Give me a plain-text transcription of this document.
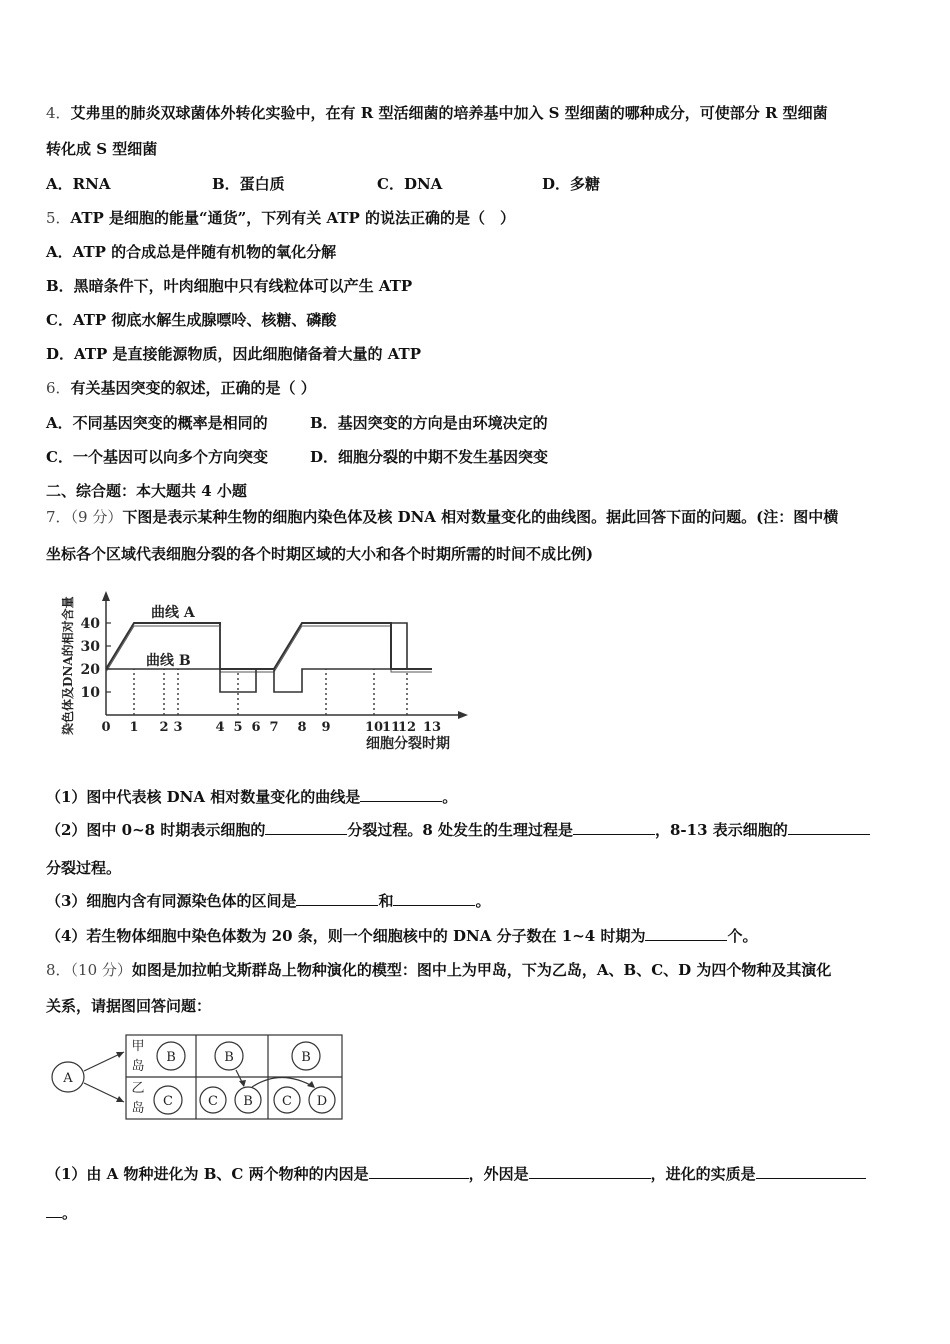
4．艾弗里的肺炎双球菌体外转化实验中，在有 R 型活细菌的培养基中加入 S 型细菌的哪种成分，可使部分 R 型细菌
转化成 S 型细菌
A．RNA	B．蛋白质	C．DNA	D．多糖
5．ATP 是细胞的能量“通货”，下列有关 ATP 的说法正确的是（　）
A．ATP 的合成总是伴随有机物的氧化分解
B．黑暗条件下，叶肉细胞中只有线粒体可以产生 ATP
C．ATP 彻底水解生成腺嘌呤、核糖、磷酸
D．ATP 是直接能源物质，因此细胞储备着大量的 ATP
6．有关基因突变的叙述，正确的是（ ）
A．不同基因突变的概率是相同的	B．基因突变的方向是由环境决定的
C．一个基因可以向多个方向突变	D．细胞分裂的中期不发生基因突变
二、综合题：本大题共 4 小题
7．（9 分）下图是表示某种生物的细胞内染色体及核 DNA 相对数量变化的曲线图。据此回答下面的问题。(注：图中横
坐标各个区域代表细胞分裂的各个时期区域的大小和各个时期所需的时间不成比例)
10
20
30
40
0 1 2 3	4 5 6 7 8 9	10
11
12 13
曲线 A
曲线 B
细胞分裂时期
染色体及DNA的相对含量
（1）图中代表核 DNA 相对数量变化的曲线是	。
（2）图中 0~8 时期表示细胞的	分裂过程。8 处发生的生理过程是	，8-13 表示细胞的
分裂过程。
（3）细胞内含有同源染色体的区间是	和	。
（4）若生物体细胞中染色体数为 20 条，则一个细胞核中的 DNA 分子数在 1~4 时期为	个。
8．（10 分）如图是加拉帕戈斯群岛上物种演化的模型：图中上为甲岛，下为乙岛，A、B、C、D 为四个物种及其演化
关系，请据图回答问题：
A
B
C
B
C B
B
C D
甲
岛
乙
岛
（1）由 A 物种进化为 B、C 两个物种的内因是	，外因是	，进化的实质是
。
